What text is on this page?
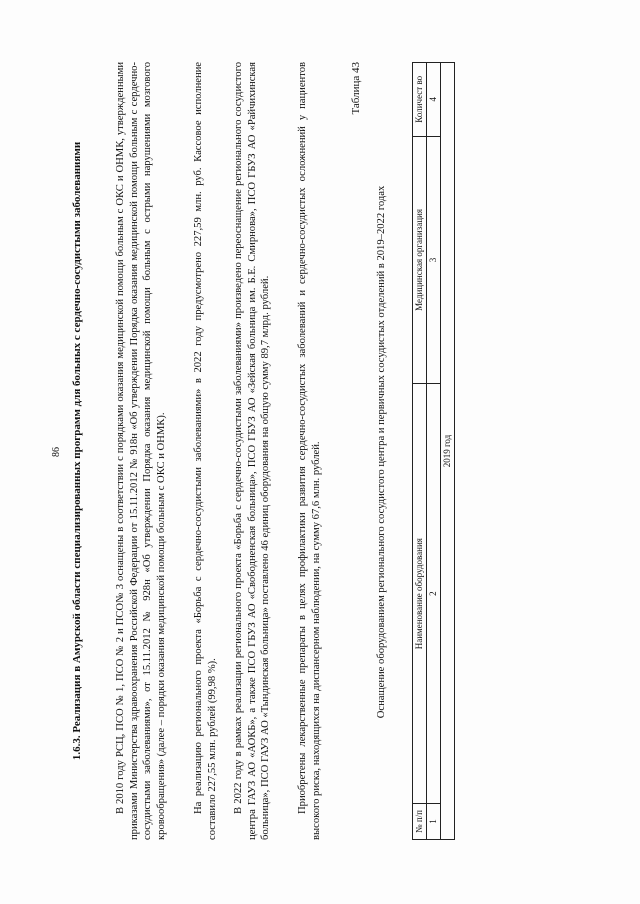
86 1.6.3. Реализация в Амурской области специализированных программ для больных с сердечно-сосудистыми заболеваниями	В 2010 году РСЦ, ПСО № 1, ПСО № 2 и ПСО№ 3 оснащены в соответствии с порядками оказания медицинской помощи больным с ОКС и ОНМК, утвержденными приказами Министерства здравоохранения Российской Федерации от 15.11.2012 № 918н «Об утверждении Порядка оказания медицинской помощи больным с сердечно-сосудистыми заболеваниями», от 15.11.2012 № 928н «Об утверждении Порядка оказания медицинской помощи больным с острыми нарушениями мозгового кровообращения» (далее – порядки оказания медицинской помощи больным с ОКС и ОНМК). На реализацию регионального проекта «Борьба с сердечно-сосудистыми заболеваниями» в 2022 году предусмотрено 227,59 млн. руб. Кассовое исполнение составило 227,55 млн. рублей (99,98 %). В 2022 году в рамках реализации регионального проекта «Борьба с сердечно-сосудистыми заболеваниями» произведено переоснащение регионального сосудистого центра ГАУЗ АО «АОКБ», а также ПСО ГБУЗ АО «Свободненская больница», ПСО ГБУЗ АО «Зейская больница им. Б.Е. Смирнова», ПСО ГБУЗ АО «Райчихинская больница», ПСО ГАУЗ АО «Тындинская больница» поставлено 46 единиц оборудования на общую сумму 89,7 млрд. рублей. Приобретены лекарственные препараты в целях профилактики развития сердечно-сосудистых заболеваний и сердечно-сосудистых осложнений у пациентов высокого риска, находящихся на диспансерном наблюдении, на сумму 67,6 млн. рублей.

Таблица 43
Оснащение оборудованием регионального сосудистого центра и первичных сосудистых отделений в 2019–2022 годах
№ п/п	Наименование оборудования	Медицинская организация	Количест во
1	2	3	4
2019 год			
